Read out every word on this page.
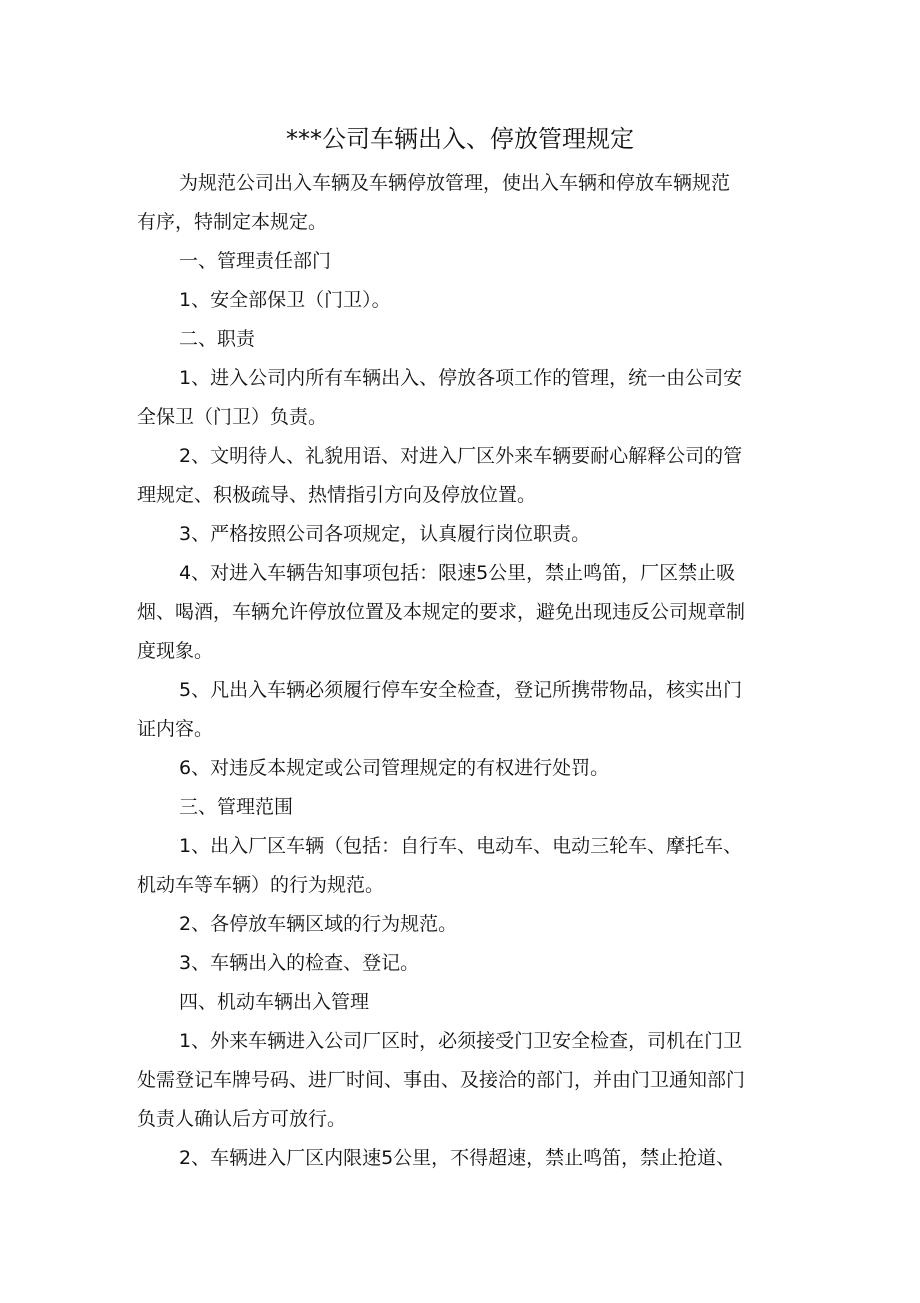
***公司车辆出入、停放管理规定

为规范公司出入车辆及车辆停放管理，使出入车辆和停放车辆规范

有序，特制定本规定。

一、管理责任部门

1、安全部保卫（门卫）。

二、职责

1、进入公司内所有车辆出入、停放各项工作的管理，统一由公司安

全保卫（门卫）负责。

2、文明待人、礼貌用语、对进入厂区外来车辆要耐心解释公司的管

理规定、积极疏导、热情指引方向及停放位置。

3、严格按照公司各项规定，认真履行岗位职责。

4、对进入车辆告知事项包括：限速5公里，禁止鸣笛，厂区禁止吸

烟、喝酒，车辆允许停放位置及本规定的要求，避免出现违反公司规章制

度现象。

5、凡出入车辆必须履行停车安全检查，登记所携带物品，核实出门

证内容。

6、对违反本规定或公司管理规定的有权进行处罚。

三、管理范围

1、出入厂区车辆（包括：自行车、电动车、电动三轮车、摩托车、

机动车等车辆）的行为规范。

2、各停放车辆区域的行为规范。

3、车辆出入的检查、登记。

四、机动车辆出入管理

1、外来车辆进入公司厂区时，必须接受门卫安全检查，司机在门卫

处需登记车牌号码、进厂时间、事由、及接洽的部门，并由门卫通知部门

负责人确认后方可放行。

2、车辆进入厂区内限速5公里，不得超速，禁止鸣笛，禁止抢道、
